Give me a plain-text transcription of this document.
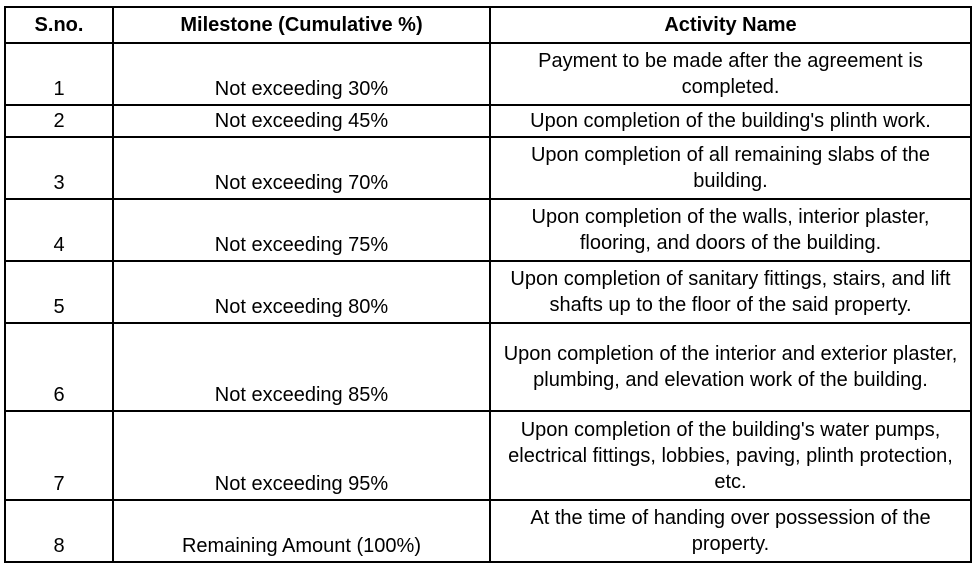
S.no.	Milestone (Cumulative %)	Activity Name
1	Not exceeding 30%	Payment to be made after the agreement is completed.
2	Not exceeding 45%	Upon completion of the building's plinth work.
3	Not exceeding 70%	Upon completion of all remaining slabs of the building.
4	Not exceeding 75%	Upon completion of the walls, interior plaster, flooring, and doors of the building.
5	Not exceeding 80%	Upon completion of sanitary fittings, stairs, and lift shafts up to the floor of the said property.
6	Not exceeding 85%	Upon completion of the interior and exterior plaster, plumbing, and elevation work of the building.
7	Not exceeding 95%	Upon completion of the building's water pumps, electrical fittings, lobbies, paving, plinth protection, etc.
8	Remaining Amount (100%)	At the time of handing over possession of the property.
